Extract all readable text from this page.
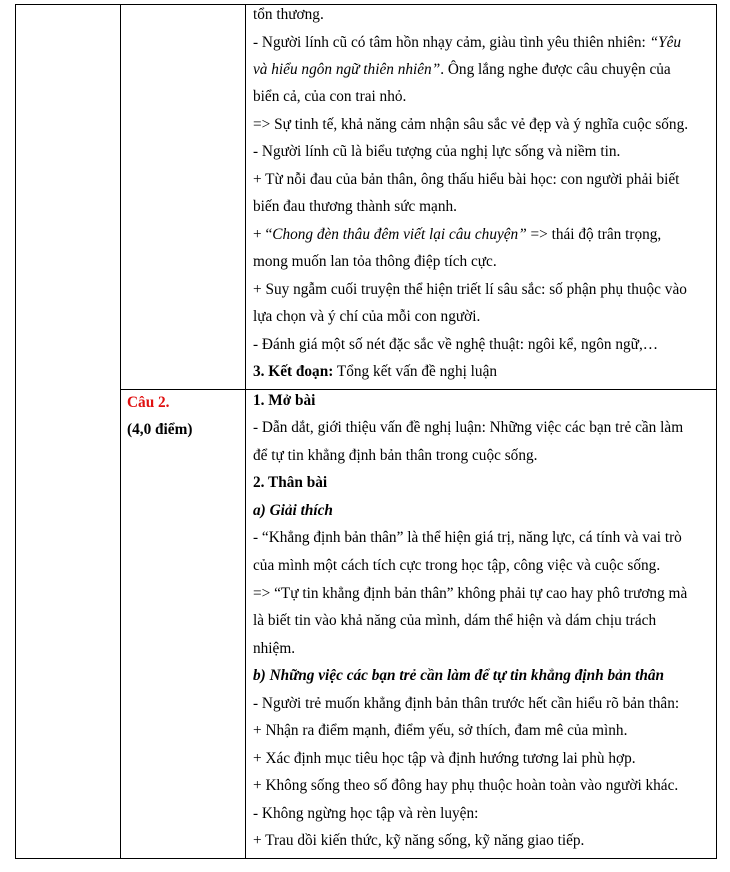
Câu 2.
(4,0 điểm)
tổn thương.
- Người lính cũ có tâm hồn nhạy cảm, giàu tình yêu thiên nhiên: “Yêu
và hiểu ngôn ngữ thiên nhiên”. Ông lắng nghe được câu chuyện của
biển cả, của con trai nhỏ.
=> Sự tinh tế, khả năng cảm nhận sâu sắc vẻ đẹp và ý nghĩa cuộc sống.
- Người lính cũ là biểu tượng của nghị lực sống và niềm tin.
+ Từ nỗi đau của bản thân, ông thấu hiểu bài học: con người phải biết
biến đau thương thành sức mạnh.
+ “Chong đèn thâu đêm viết lại câu chuyện” => thái độ trân trọng,
mong muốn lan tỏa thông điệp tích cực.
+ Suy ngẫm cuối truyện thể hiện triết lí sâu sắc: số phận phụ thuộc vào
lựa chọn và ý chí của mỗi con người.
- Đánh giá một số nét đặc sắc về nghệ thuật: ngôi kể, ngôn ngữ,…
3. Kết đoạn: Tổng kết vấn đề nghị luận
1. Mở bài
- Dẫn dắt, giới thiệu vấn đề nghị luận: Những việc các bạn trẻ cần làm
để tự tin khẳng định bản thân trong cuộc sống.
2. Thân bài
a) Giải thích
- “Khẳng định bản thân” là thể hiện giá trị, năng lực, cá tính và vai trò
của mình một cách tích cực trong học tập, công việc và cuộc sống.
=> “Tự tin khẳng định bản thân” không phải tự cao hay phô trương mà
là biết tin vào khả năng của mình, dám thể hiện và dám chịu trách
nhiệm.
b) Những việc các bạn trẻ cần làm để tự tin khẳng định bản thân
- Người trẻ muốn khẳng định bản thân trước hết cần hiểu rõ bản thân:
+ Nhận ra điểm mạnh, điểm yếu, sở thích, đam mê của mình.
+ Xác định mục tiêu học tập và định hướng tương lai phù hợp.
+ Không sống theo số đông hay phụ thuộc hoàn toàn vào người khác.
- Không ngừng học tập và rèn luyện:
+ Trau dồi kiến thức, kỹ năng sống, kỹ năng giao tiếp.
